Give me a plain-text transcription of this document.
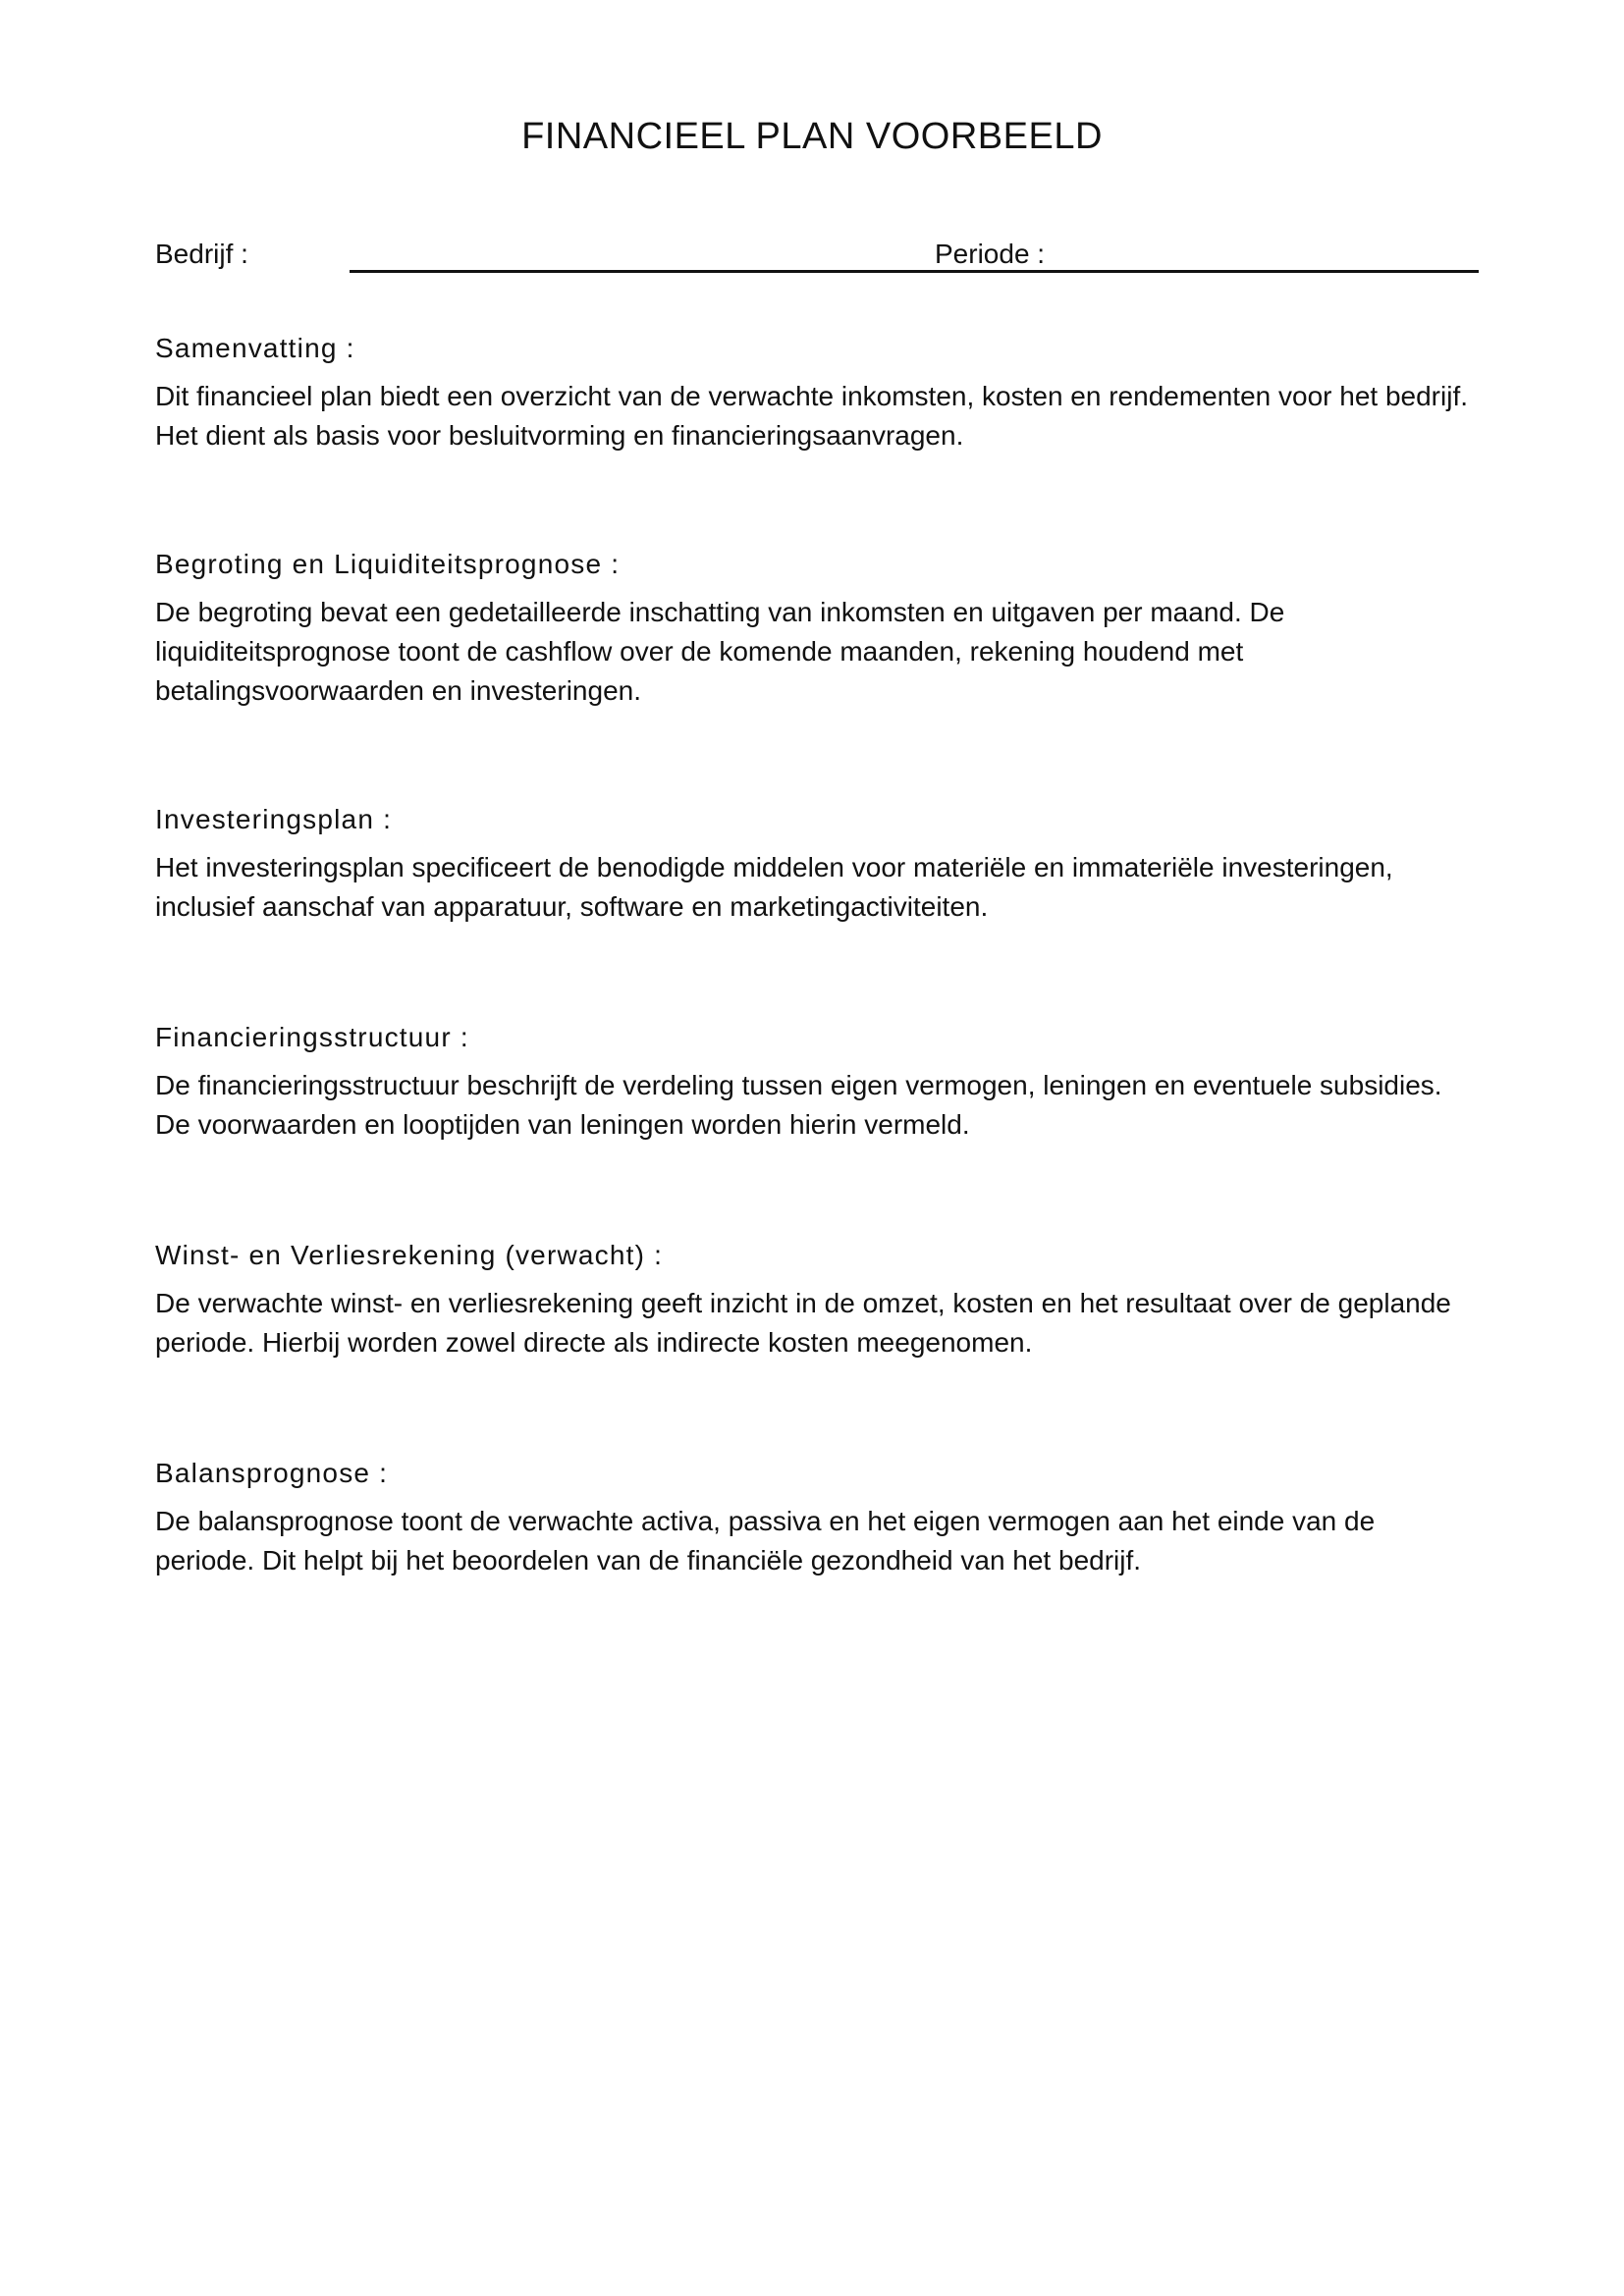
FINANCIEEL PLAN VOORBEELD
Bedrijf :	Periode :
Samenvatting :

Dit financieel plan biedt een overzicht van de verwachte inkomsten, kosten en rendementen voor het bedrijf.

Het dient als basis voor besluitvorming en financieringsaanvragen.

Begroting en Liquiditeitsprognose :

De begroting bevat een gedetailleerde inschatting van inkomsten en uitgaven per maand. De

liquiditeitsprognose toont de cashflow over de komende maanden, rekening houdend met

betalingsvoorwaarden en investeringen.

Investeringsplan :

Het investeringsplan specificeert de benodigde middelen voor materiële en immateriële investeringen,

inclusief aanschaf van apparatuur, software en marketingactiviteiten.

Financieringsstructuur :

De financieringsstructuur beschrijft de verdeling tussen eigen vermogen, leningen en eventuele subsidies.

De voorwaarden en looptijden van leningen worden hierin vermeld.

Winst- en Verliesrekening (verwacht) :

De verwachte winst- en verliesrekening geeft inzicht in de omzet, kosten en het resultaat over de geplande

periode. Hierbij worden zowel directe als indirecte kosten meegenomen.

Balansprognose :

De balansprognose toont de verwachte activa, passiva en het eigen vermogen aan het einde van de

periode. Dit helpt bij het beoordelen van de financiële gezondheid van het bedrijf.
